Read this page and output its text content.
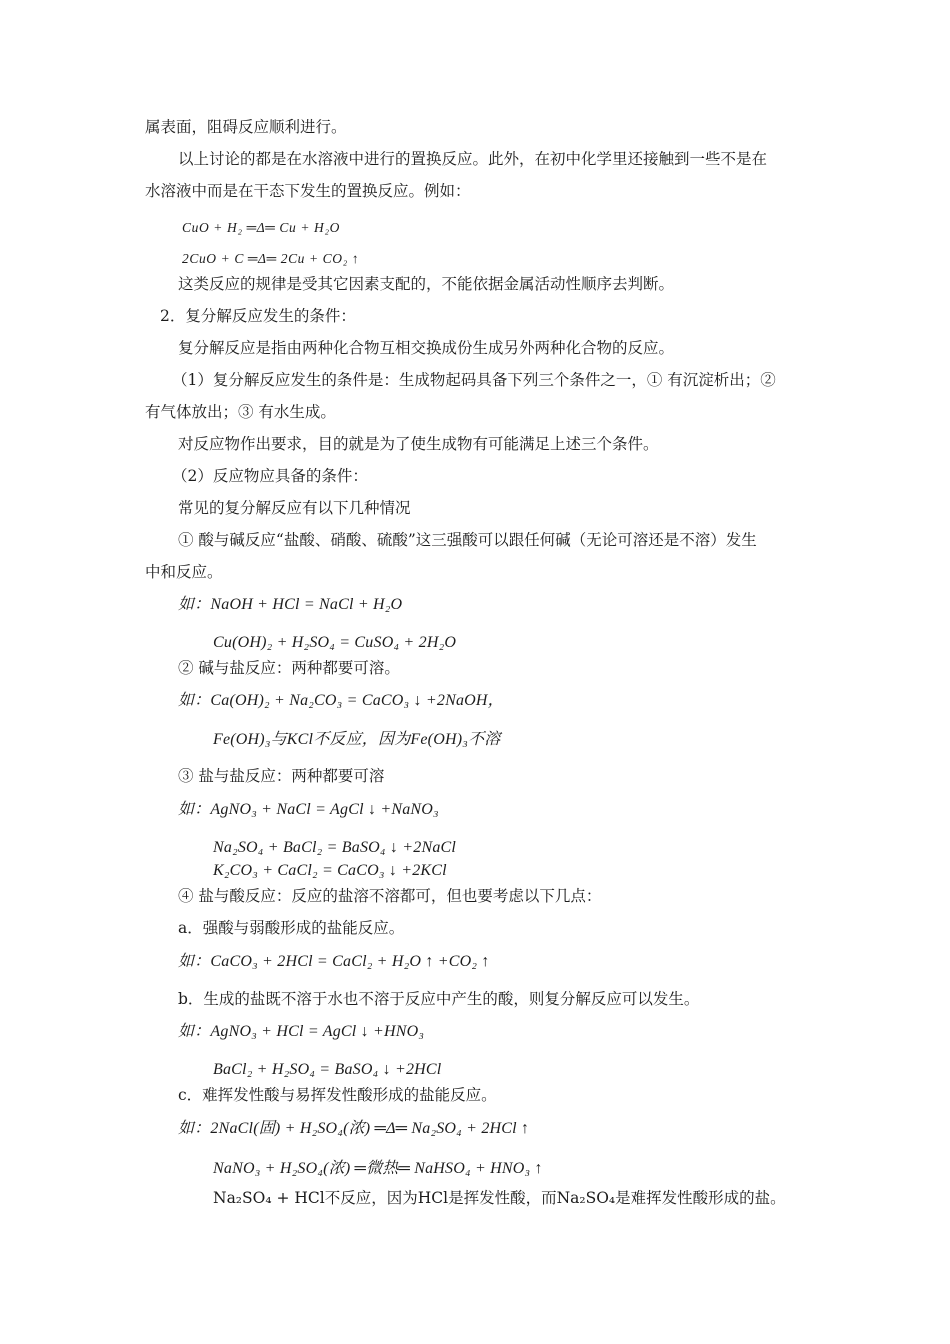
属表面，阻碍反应顺利进行。
以上讨论的都是在水溶液中进行的置换反应。此外，在初中化学里还接触到一些不是在
水溶液中而是在干态下发生的置换反应。例如：
CuO + H₂ ═Δ═ Cu + H₂O
2CuO + C ═Δ═ 2Cu + CO₂ ↑
这类反应的规律是受其它因素支配的，不能依据金属活动性顺序去判断。
2．复分解反应发生的条件：
复分解反应是指由两种化合物互相交换成份生成另外两种化合物的反应。
（1）复分解反应发生的条件是：生成物起码具备下列三个条件之一，① 有沉淀析出；②
有气体放出；③ 有水生成。
对反应物作出要求，目的就是为了使生成物有可能满足上述三个条件。
（2）反应物应具备的条件：
常见的复分解反应有以下几种情况
① 酸与碱反应“盐酸、硝酸、硫酸”这三强酸可以跟任何碱（无论可溶还是不溶）发生
中和反应。
如：NaOH + HCl = NaCl + H₂O
Cu(OH)₂ + H₂SO₄ = CuSO₄ + 2H₂O
② 碱与盐反应：两种都要可溶。
如：Ca(OH)₂ + Na₂CO₃ = CaCO₃ ↓ +2NaOH，
Fe(OH)₃与KCl不反应，因为Fe(OH)₃不溶
③ 盐与盐反应：两种都要可溶
如：AgNO₃ + NaCl = AgCl ↓ +NaNO₃
Na₂SO₄ + BaCl₂ = BaSO₄ ↓ +2NaCl
K₂CO₃ + CaCl₂ = CaCO₃ ↓ +2KCl
④ 盐与酸反应：反应的盐溶不溶都可，但也要考虑以下几点：
a．强酸与弱酸形成的盐能反应。
如：CaCO₃ + 2HCl = CaCl₂ + H₂O ↑ +CO₂ ↑
b．生成的盐既不溶于水也不溶于反应中产生的酸，则复分解反应可以发生。
如：AgNO₃ + HCl = AgCl ↓ +HNO₃
BaCl₂ + H₂SO₄ = BaSO₄ ↓ +2HCl
c．难挥发性酸与易挥发性酸形成的盐能反应。
如：2NaCl(固) + H₂SO₄(浓) ═Δ═ Na₂SO₄ + 2HCl ↑
NaNO₃ + H₂SO₄(浓) ═微热═ NaHSO₄ + HNO₃ ↑
Na₂SO₄ + HCl不反应，因为HCl是挥发性酸，而Na₂SO₄是难挥发性酸形成的盐。
